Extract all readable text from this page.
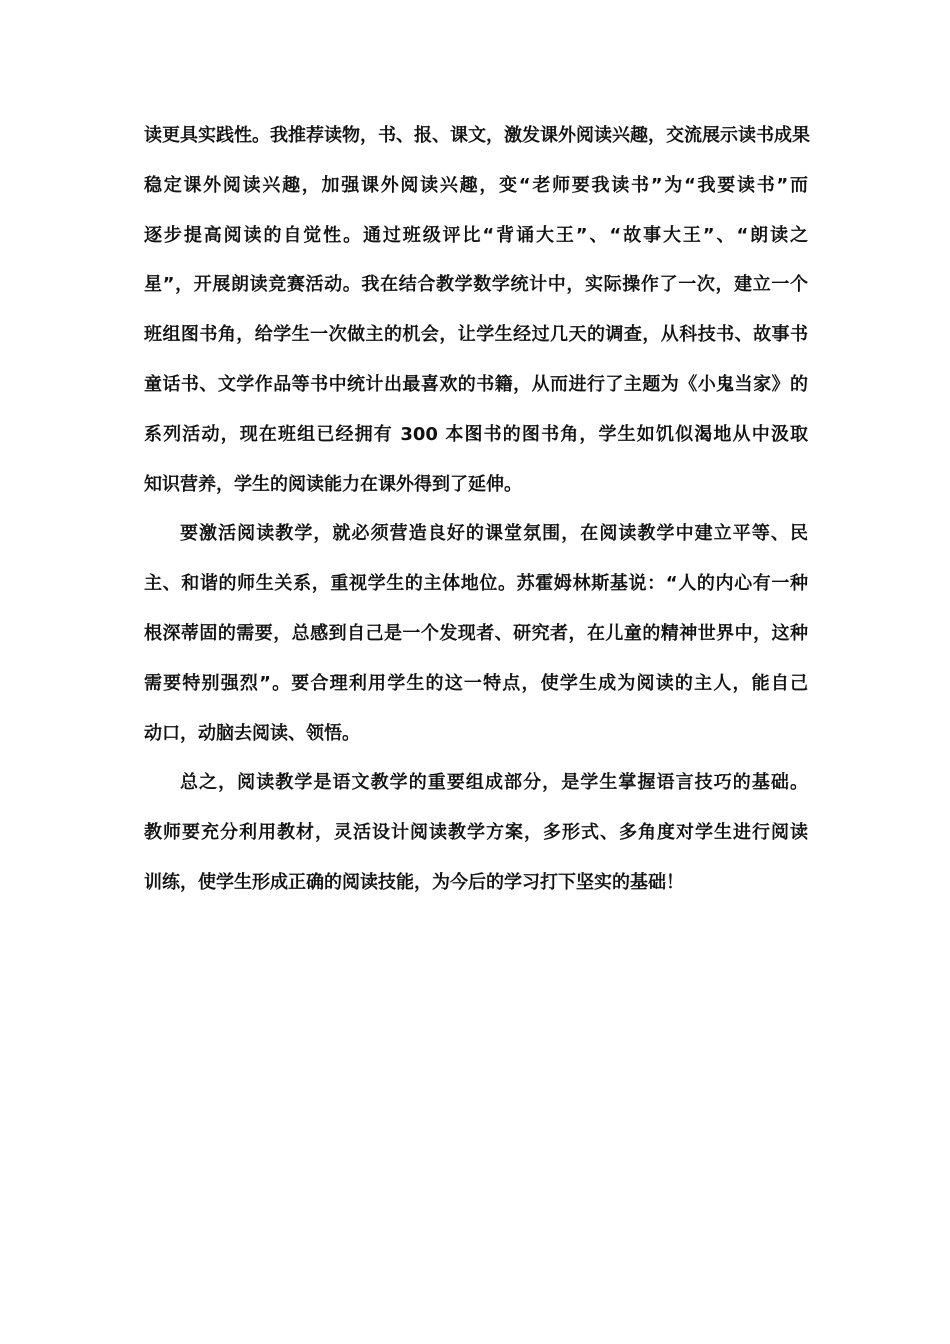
读更具实践性。我推荐读物，书、报、课文，激发课外阅读兴趣，交流展示读书成果
稳定课外阅读兴趣，加强课外阅读兴趣，变“老师要我读书”为“我要读书”而
逐步提高阅读的自觉性。通过班级评比“背诵大王”、“故事大王”、“朗读之
星”，开展朗读竞赛活动。我在结合教学数学统计中，实际操作了一次，建立一个
班组图书角，给学生一次做主的机会，让学生经过几天的调查，从科技书、故事书
童话书、文学作品等书中统计出最喜欢的书籍，从而进行了主题为《小鬼当家》的
系列活动，现在班组已经拥有 300 本图书的图书角，学生如饥似渴地从中汲取
知识营养，学生的阅读能力在课外得到了延伸。

要激活阅读教学，就必须营造良好的课堂氛围，在阅读教学中建立平等、民
主、和谐的师生关系，重视学生的主体地位。苏霍姆林斯基说：“人的内心有一种
根深蒂固的需要，总感到自己是一个发现者、研究者，在儿童的精神世界中，这种
需要特别强烈”。要合理利用学生的这一特点，使学生成为阅读的主人，能自己
动口，动脑去阅读、领悟。

总之，阅读教学是语文教学的重要组成部分，是学生掌握语言技巧的基础。
教师要充分利用教材，灵活设计阅读教学方案，多形式、多角度对学生进行阅读
训练，使学生形成正确的阅读技能，为今后的学习打下坚实的基础！
